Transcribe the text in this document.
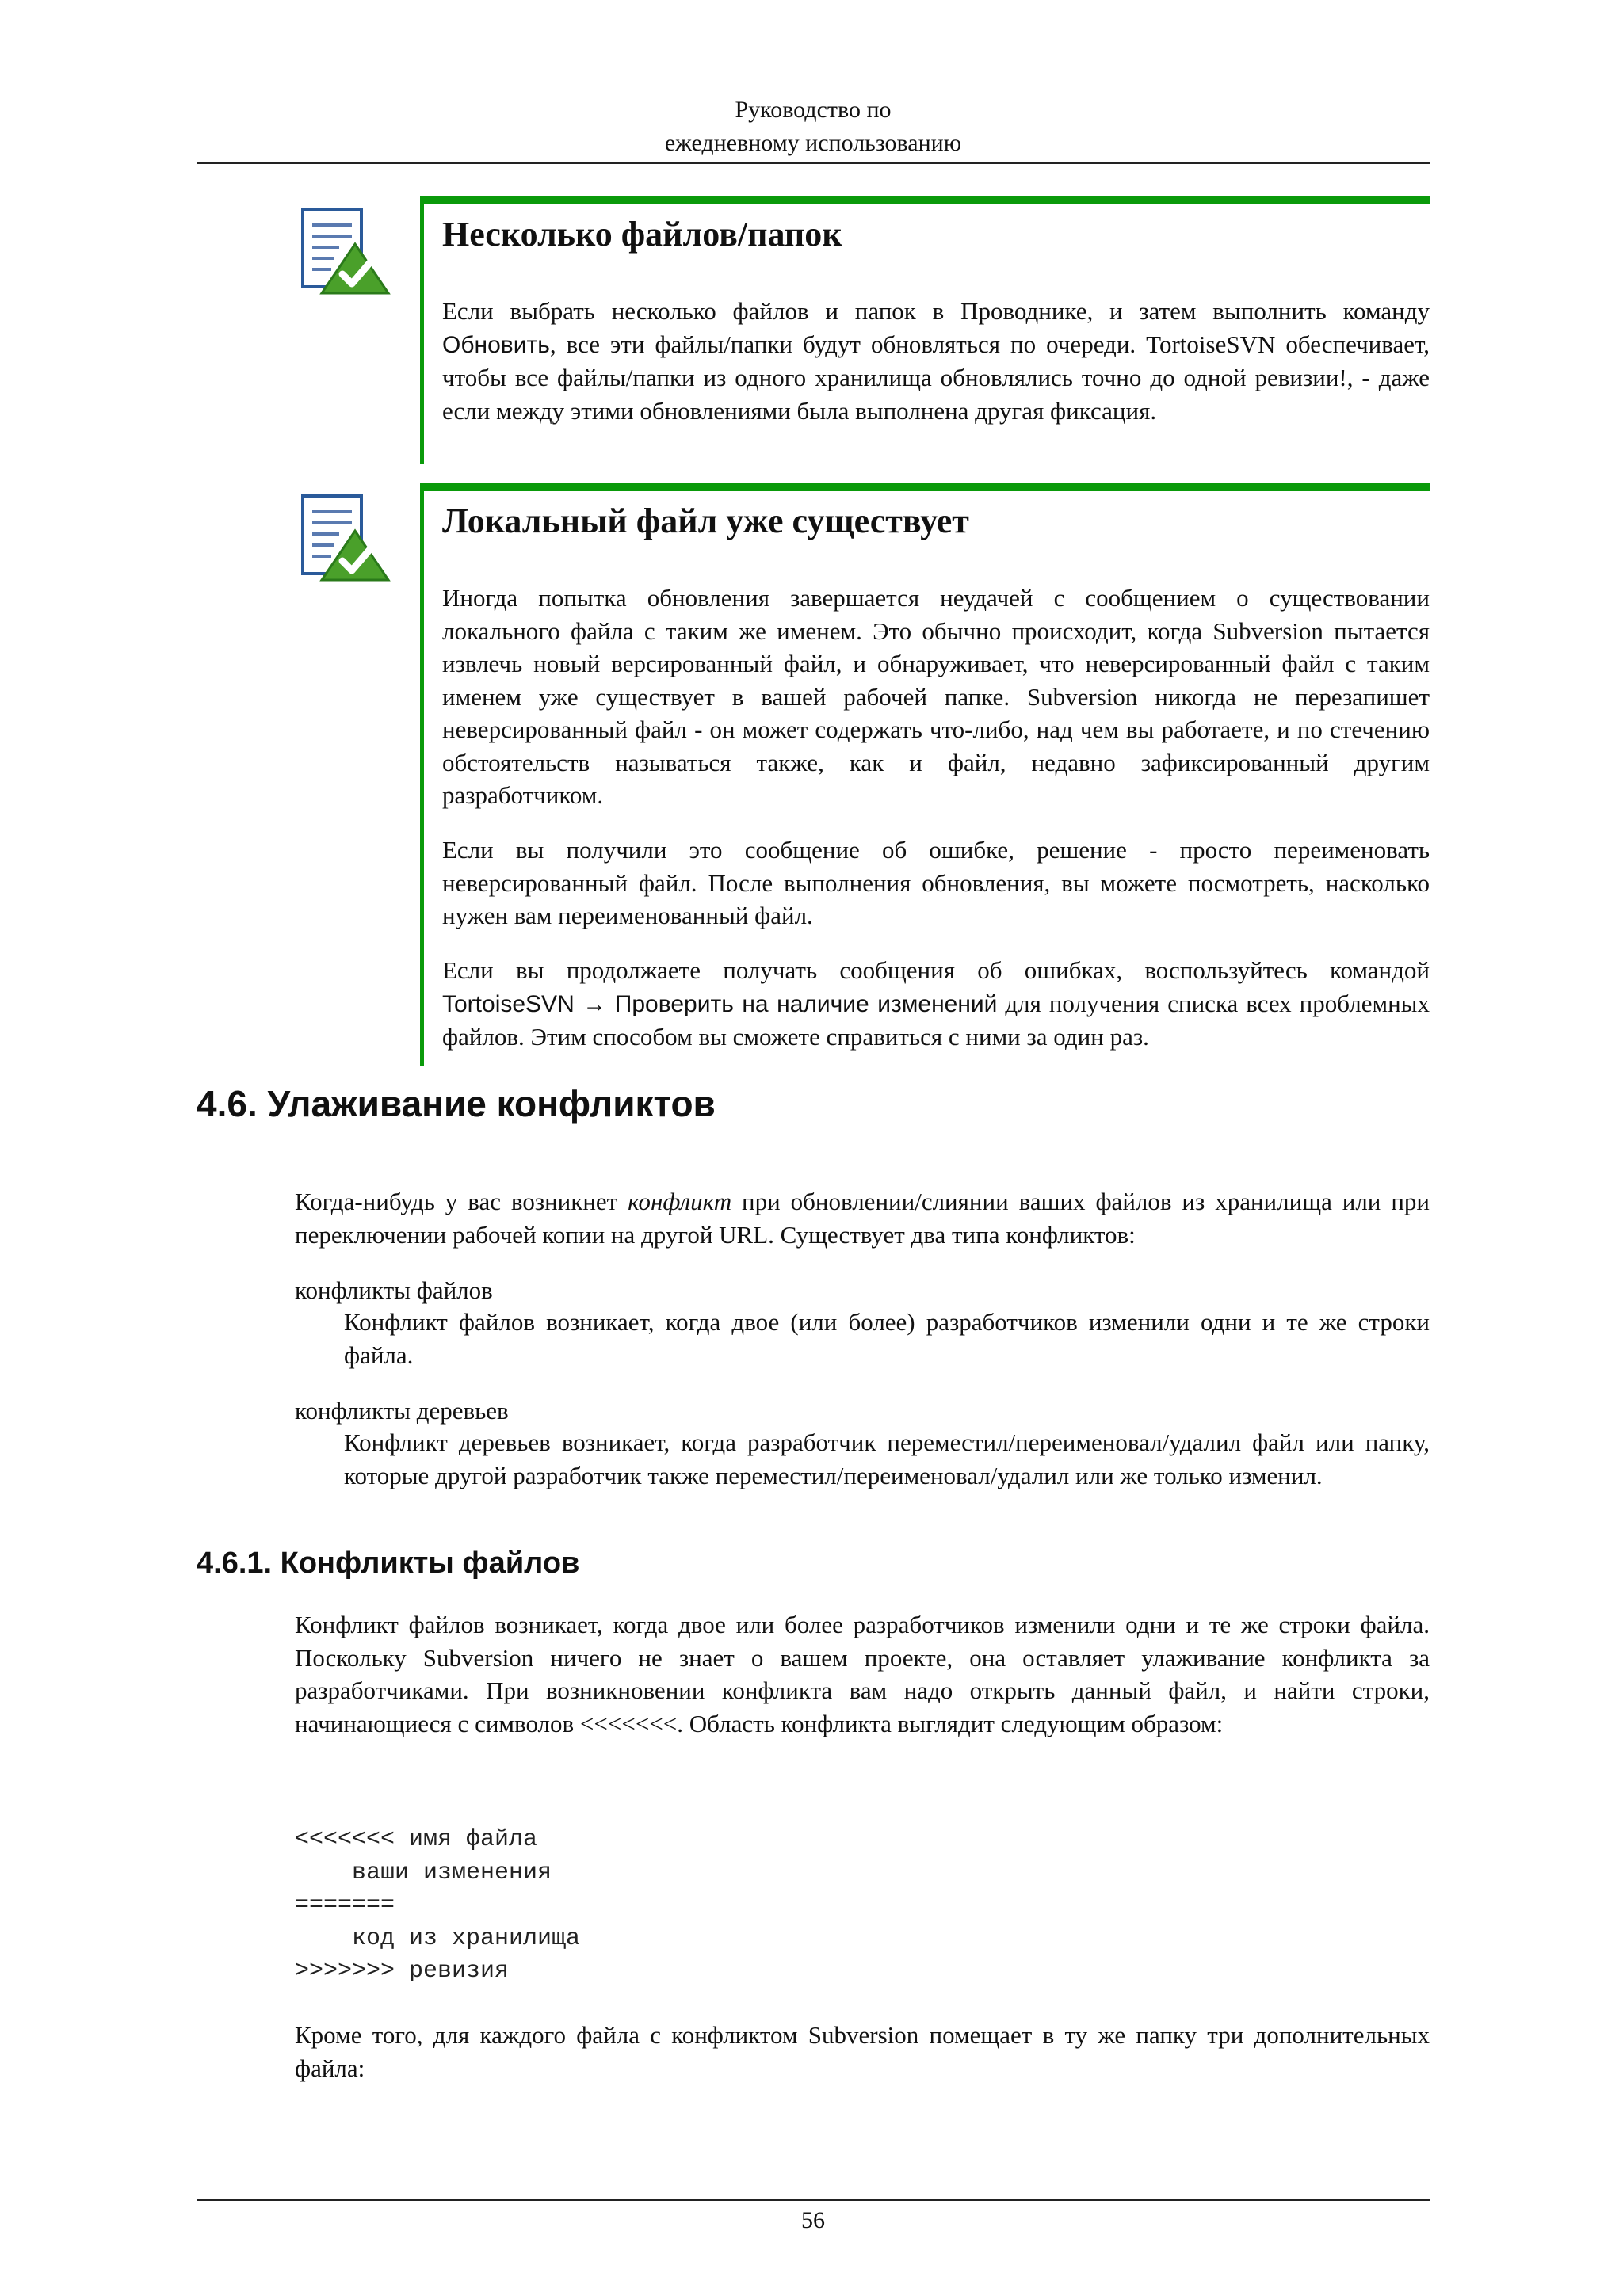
Руководство по
ежедневному использованию
Несколько файлов/папок

Если выбрать несколько файлов и папок в Проводнике, и затем выполнить команду Обновить, все эти файлы/папки будут обновляться по очереди. TortoiseSVN обеспечивает, чтобы все файлы/папки из одного хранилища обновлялись точно до одной ревизии!, - даже если между этими обновлениями была выполнена другая фиксация.

Локальный файл уже существует

Иногда попытка обновления завершается неудачей с сообщением о существовании локального файла с таким же именем. Это обычно происходит, когда Subversion пытается извлечь новый версированный файл, и обнаруживает, что неверсированный файл с таким именем уже существует в вашей рабочей папке. Subversion никогда не перезапишет неверсированный файл - он может содержать что-либо, над чем вы работаете, и по стечению обстоятельств называться также, как и файл, недавно зафиксированный другим разработчиком.

Если вы получили это сообщение об ошибке, решение - просто переименовать неверсированный файл. После выполнения обновления, вы можете посмотреть, насколько нужен вам переименованный файл.

Если вы продолжаете получать сообщения об ошибках, воспользуйтесь командой TortoiseSVN → Проверить на наличие изменений для получения списка всех проблемных файлов. Этим способом вы сможете справиться с ними за один раз.

4.6. Улаживание конфликтов

Когда-нибудь у вас возникнет конфликт при обновлении/слиянии ваших файлов из хранилища или при переключении рабочей копии на другой URL. Существует два типа конфликтов:

конфликты файлов

Конфликт файлов возникает, когда двое (или более) разработчиков изменили одни и те же строки файла.

конфликты деревьев

Конфликт деревьев возникает, когда разработчик переместил/переименовал/удалил файл или папку, которые другой разработчик также переместил/переименовал/удалил или же только изменил.

4.6.1. Конфликты файлов

Конфликт файлов возникает, когда двое или более разработчиков изменили одни и те же строки файла. Поскольку Subversion ничего не знает о вашем проекте, она оставляет улаживание конфликта за разработчиками. При возникновении конфликта вам надо открыть данный файл, и найти строки, начинающиеся с символов <<<<<<<. Область конфликта выглядит следующим образом:

<<<<<<< имя файла
ваши изменения
=======
код из хранилища
>>>>>>> ревизия

Кроме того, для каждого файла с конфликтом Subversion помещает в ту же папку три дополнительных файла:

56
